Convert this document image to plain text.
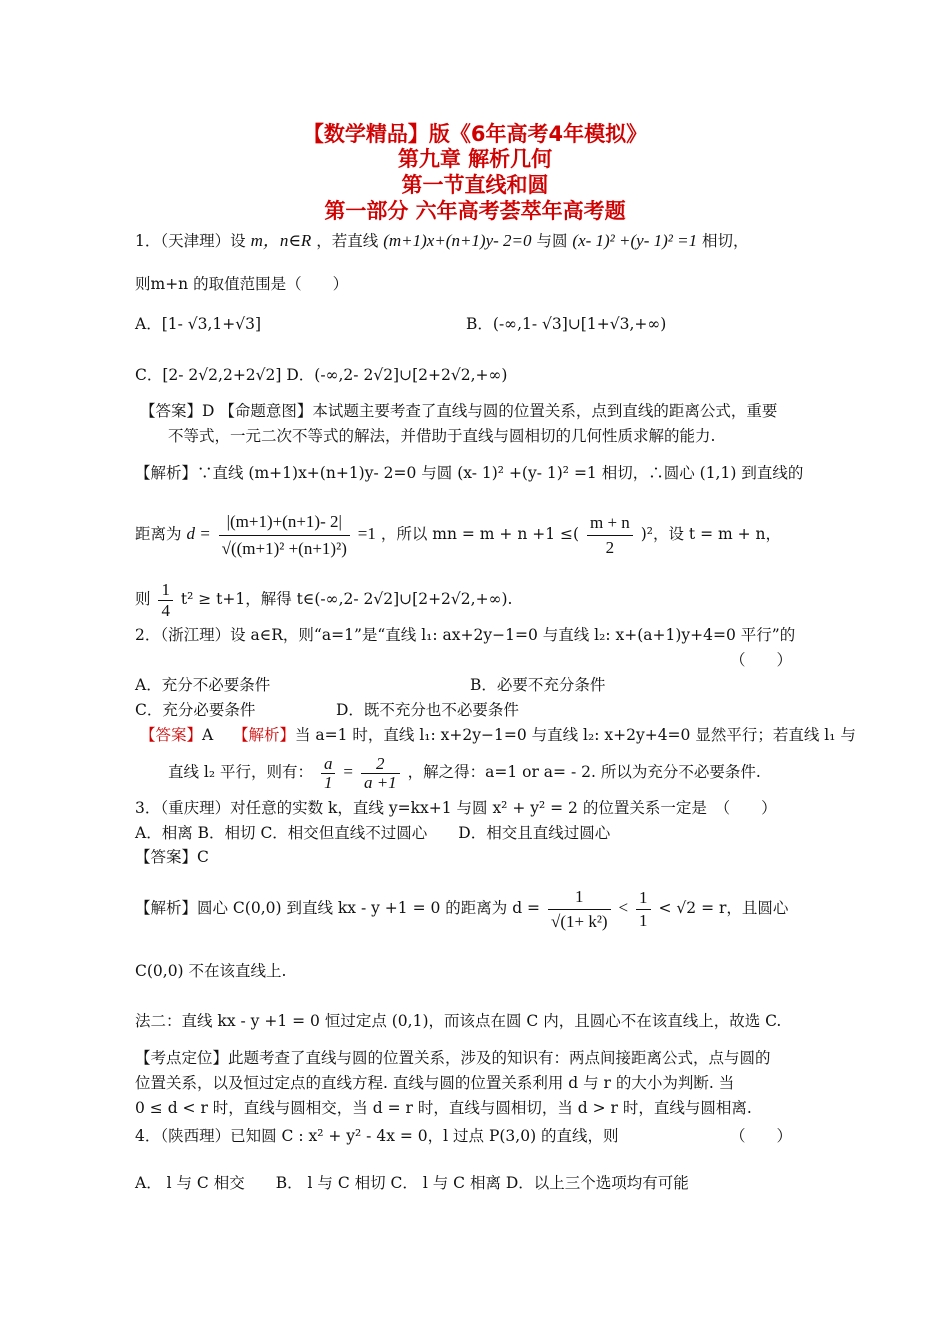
【数学精品】版《6年高考4年模拟》
第九章 解析几何
第一节直线和圆
第一部分 六年高考荟萃年高考题
1．（天津理）设 m，n∈R ，若直线 (m+1)x+(n+1)y- 2=0 与圆 (x- 1)² +(y- 1)² =1 相切，
则m+n 的取值范围是（　　）
A．[1- √3,1+√3]	B．(-∞,1- √3]∪[1+√3,+∞)
C．[2- 2√2,2+2√2] D．(-∞,2- 2√2]∪[2+2√2,+∞)
【答案】D 【命题意图】本试题主要考查了直线与圆的位置关系，点到直线的距离公式，重要
不等式，一元二次不等式的解法，并借助于直线与圆相切的几何性质求解的能力.
【解析】∵直线 (m+1)x+(n+1)y- 2=0 与圆 (x- 1)² +(y- 1)² =1 相切，∴圆心 (1,1) 到直线的
距离为 $d = \frac{|(m+1)+(n+1)- 2|}{\text{√((m+1)² +(n+1)²)}} =1$ ，所以 mn = m + n +1 ≤( $\frac{m + n}{2} )^2$，设 t = m + n，
则 $\frac{1}{4} t^2 \ge t+1$，解得 t∈(-∞,2- 2√2]∪[2+2√2,+∞).
2．（浙江理）设 a∈R，则“a=1”是“直线 l₁: ax+2y−1=0 与直线 l₂: x+(a+1)y+4=0 平行”的
（　　）
A．充分不必要条件	B．必要不充分条件
C．充分必要条件	D．既不充分也不必要条件
【答案】A 【解析】当 a=1 时，直线 l₁: x+2y−1=0 与直线 l₂: x+2y+4=0 显然平行；若直线 l₁ 与
直线 l₂ 平行，则有： $\frac{a}{1} = \frac{2}{a +1}$ ，解之得：a=1 or a= - 2. 所以为充分不必要条件.
3．（重庆理）对任意的实数 k，直线 y=kx+1 与圆 x² + y² = 2 的位置关系一定是　（　　）
A．相离 B．相切 C．相交但直线不过圆心　　D．相交且直线过圆心
【答案】C
【解析】圆心 C(0,0) 到直线 kx - y +1 = 0 的距离为 $d = \frac{1}{\text{√(1+ k²)}} < \frac{1}{1} < √2 = r$，且圆心
C(0,0) 不在该直线上.
法二：直线 kx - y +1 = 0 恒过定点 (0,1)，而该点在圆 C 内，且圆心不在该直线上，故选 C.
【考点定位】此题考查了直线与圆的位置关系，涉及的知识有：两点间接距离公式，点与圆的
位置关系，以及恒过定点的直线方程. 直线与圆的位置关系利用 d 与 r 的大小为判断. 当
0 ≤ d < r 时，直线与圆相交，当 d = r 时，直线与圆相切，当 d > r 时，直线与圆相离.
4．（陕西理）已知圆 C : x² + y² - 4x = 0，l 过点 P(3,0) 的直线，则	（　　）
A． l 与 C 相交　　B． l 与 C 相切 C． l 与 C 相离 D．以上三个选项均有可能
